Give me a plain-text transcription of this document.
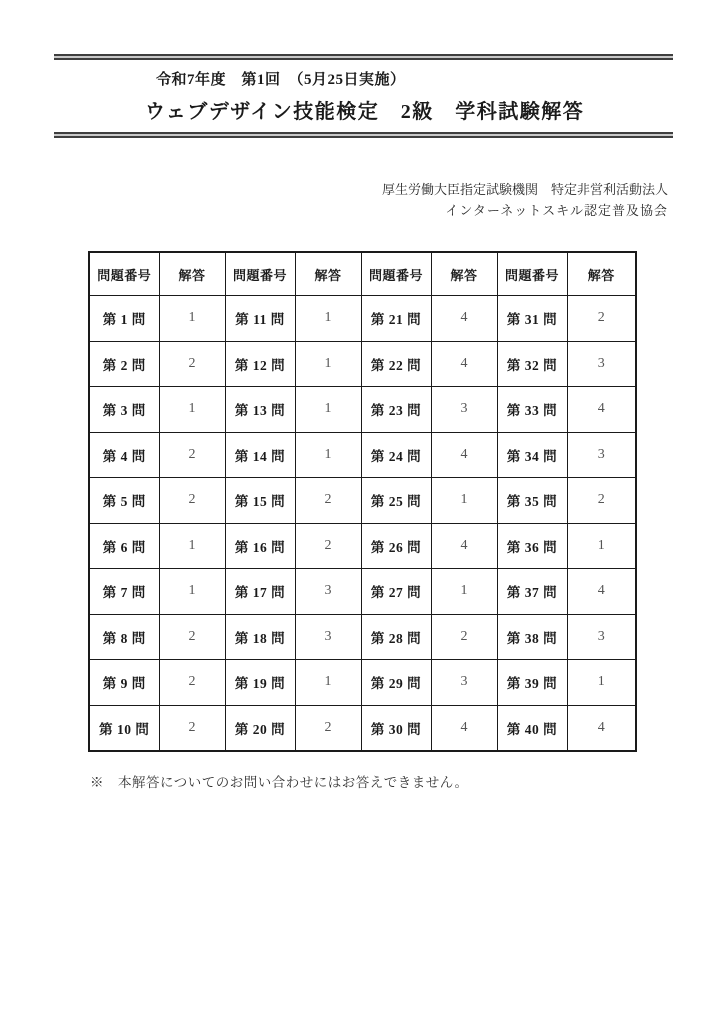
令和7年度　第1回　（5月25日実施）
ウェブデザイン技能検定　2級　学科試験解答
厚生労働大臣指定試験機関　特定非営利活動法人
インターネットスキル認定普及協会
問題番号	解答	問題番号	解答	問題番号	解答	問題番号	解答
第 1 問	1	第 11 問	1	第 21 問	4	第 31 問	2
第 2 問	2	第 12 問	1	第 22 問	4	第 32 問	3
第 3 問	1	第 13 問	1	第 23 問	3	第 33 問	4
第 4 問	2	第 14 問	1	第 24 問	4	第 34 問	3
第 5 問	2	第 15 問	2	第 25 問	1	第 35 問	2
第 6 問	1	第 16 問	2	第 26 問	4	第 36 問	1
第 7 問	1	第 17 問	3	第 27 問	1	第 37 問	4
第 8 問	2	第 18 問	3	第 28 問	2	第 38 問	3
第 9 問	2	第 19 問	1	第 29 問	3	第 39 問	1
第 10 問	2	第 20 問	2	第 30 問	4	第 40 問	4
※　本解答についてのお問い合わせにはお答えできません。
